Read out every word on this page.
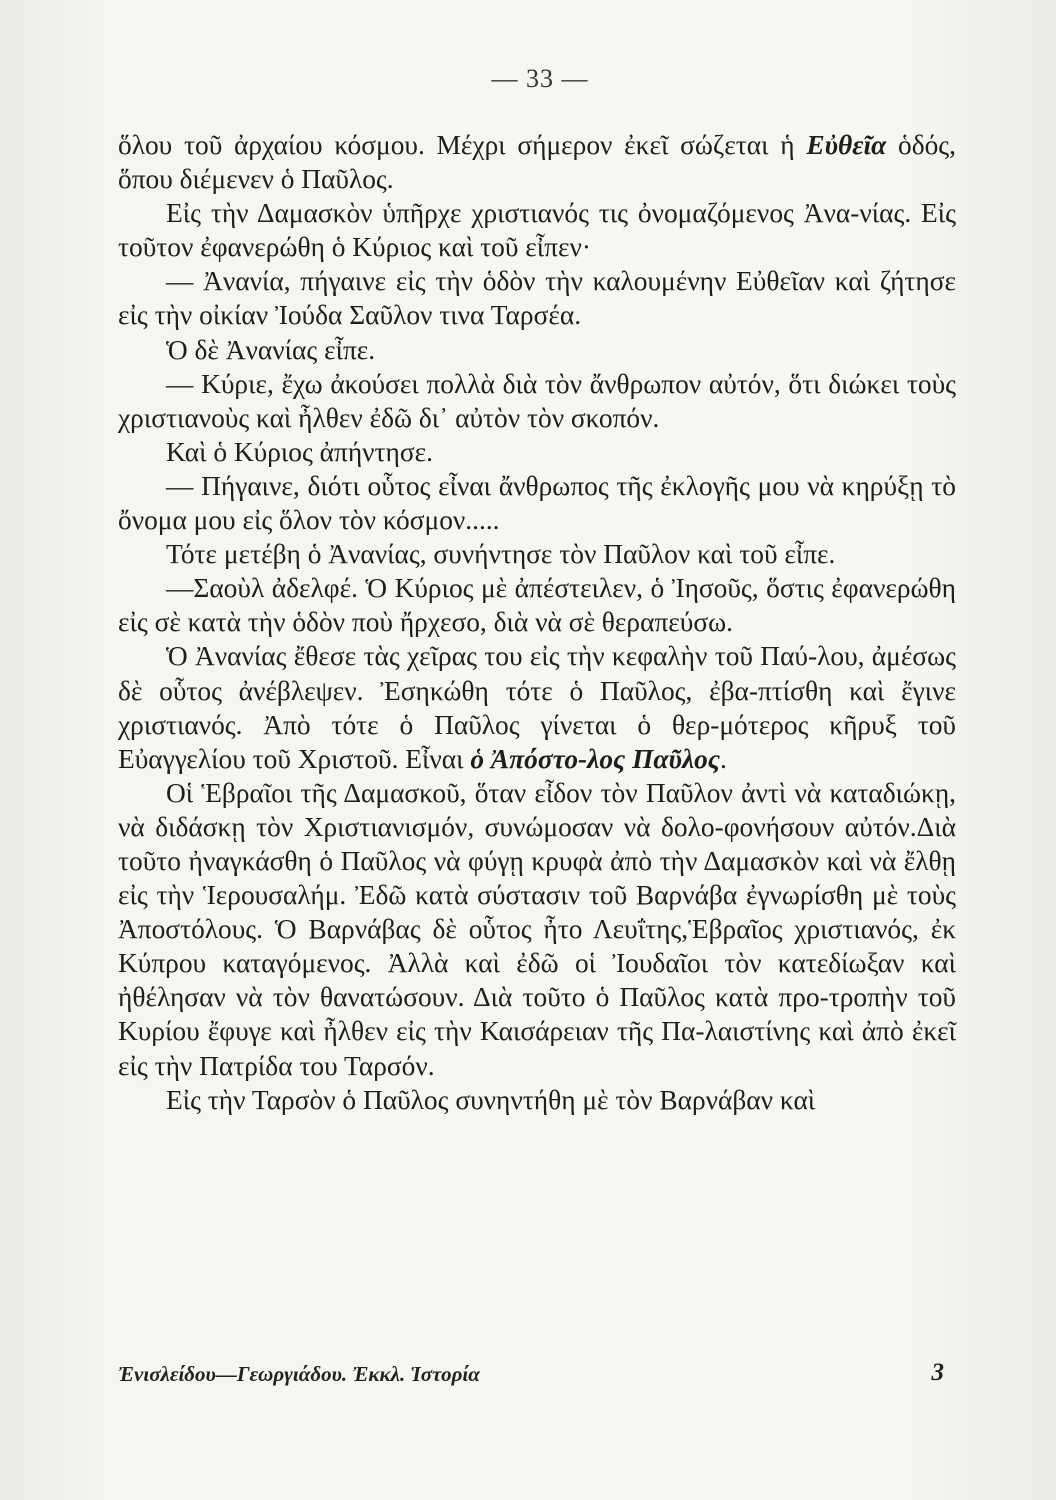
— 33 —

ὅλου τοῦ ἀρχαίου κόσμου. Μέχρι σήμερον ἐκεῖ σώζεται ἡ Εὐθεῖα ὁδός, ὅπου διέμενεν ὁ Παῦλος.

Εἰς τὴν Δαμασκὸν ὑπῆρχε χριστιανός τις ὀνομαζόμενος Ἀνα-νίας. Εἰς τοῦτον ἐφανερώθη ὁ Κύριος καὶ τοῦ εἶπεν·

— Ἀνανία, πήγαινε εἰς τὴν ὁδὸν τὴν καλουμένην Εὐθεῖαν καὶ ζήτησε εἰς τὴν οἰκίαν Ἰούδα Σαῦλον τινα Ταρσέα.

Ὁ δὲ Ἀνανίας εἶπε.

— Κύριε, ἔχω ἀκούσει πολλὰ διὰ τὸν ἄνθρωπον αὐτόν, ὅτι διώκει τοὺς χριστιανοὺς καὶ ἦλθεν ἐδῶ δι᾿ αὐτὸν τὸν σκοπόν.

Καὶ ὁ Κύριος ἀπήντησε.

— Πήγαινε, διότι οὗτος εἶναι ἄνθρωπος τῆς ἐκλογῆς μου νὰ κηρύξῃ τὸ ὄνομα μου εἰς ὅλον τὸν κόσμον.....

Τότε μετέβη ὁ Ἀνανίας, συνήντησε τὸν Παῦλον καὶ τοῦ εἶπε.

—Σαοὺλ ἀδελφέ. Ὁ Κύριος μὲ ἀπέστειλεν, ὁ Ἰησοῦς, ὅστις ἐφανερώθη εἰς σὲ κατὰ τὴν ὁδὸν ποὺ ἤρχεσο, διὰ νὰ σὲ θεραπεύσω.

Ὁ Ἀνανίας ἔθεσε τὰς χεῖρας του εἰς τὴν κεφαλὴν τοῦ Παύ-λου, ἀμέσως δὲ οὗτος ἀνέβλεψεν. Ἐσηκώθη τότε ὁ Παῦλος, ἐβα-πτίσθη καὶ ἔγινε χριστιανός. Ἀπὸ τότε ὁ Παῦλος γίνεται ὁ θερ-μότερος κῆρυξ τοῦ Εὐαγγελίου τοῦ Χριστοῦ. Εἶναι ὁ Ἀπόστο-λος Παῦλος.

Οἱ Ἑβραῖοι τῆς Δαμασκοῦ, ὅταν εἶδον τὸν Παῦλον ἀντὶ νὰ καταδιώκῃ, νὰ διδάσκῃ τὸν Χριστιανισμόν, συνώμοσαν νὰ δολο-φονήσουν αὐτόν.Διὰ τοῦτο ἠναγκάσθη ὁ Παῦλος νὰ φύγῃ κρυφὰ ἀπὸ τὴν Δαμασκὸν καὶ νὰ ἔλθῃ εἰς τὴν Ἱερουσαλήμ. Ἐδῶ κατὰ σύστασιν τοῦ Βαρνάβα ἐγνωρίσθη μὲ τοὺς Ἀποστόλους. Ὁ Βαρνάβας δὲ οὗτος ἦτο Λευΐτης,Ἑβραῖος χριστιανός, ἐκ Κύπρου καταγόμενος. Ἀλλὰ καὶ ἐδῶ οἱ Ἰουδαῖοι τὸν κατεδίωξαν καὶ ἠθέλησαν νὰ τὸν θανατώσουν. Διὰ τοῦτο ὁ Παῦλος κατὰ προ-τροπὴν τοῦ Κυρίου ἔφυγε καὶ ἦλθεν εἰς τὴν Καισάρειαν τῆς Πα-λαιστίνης καὶ ἀπὸ ἐκεῖ εἰς τὴν Πατρίδα του Ταρσόν.

Εἰς τὴν Ταρσὸν ὁ Παῦλος συνηντήθη μὲ τὸν Βαρνάβαν καὶ

Ἐνισλείδου—Γεωργιάδου. Ἐκκλ. Ἱστορία	3
